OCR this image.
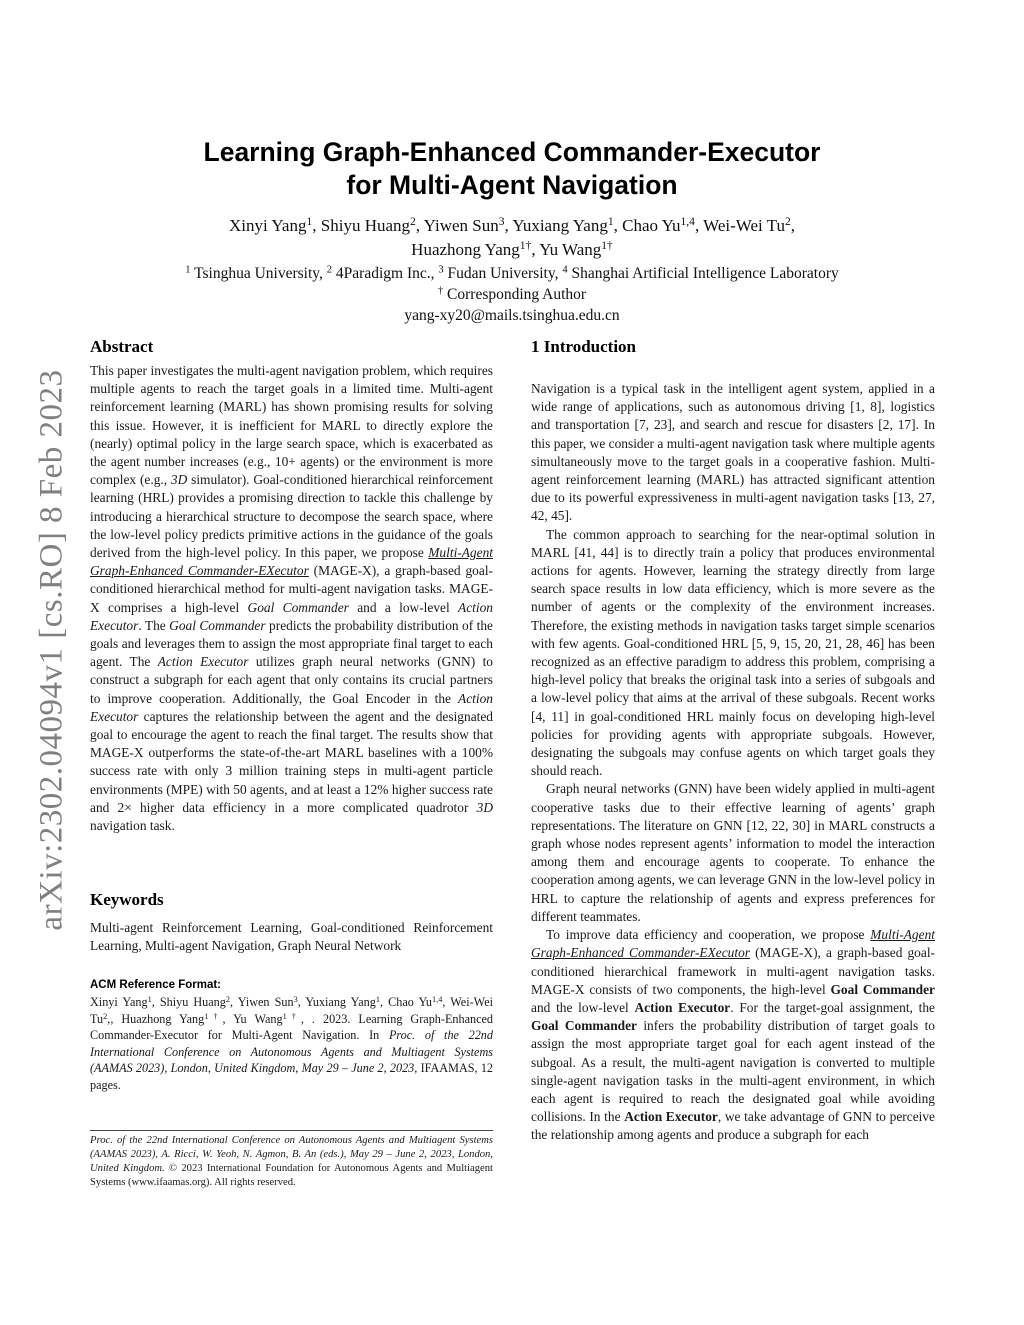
arXiv:2302.04094v1 [cs.RO] 8 Feb 2023
Learning Graph-Enhanced Commander-Executor
for Multi-Agent Navigation
Xinyi Yang$^1$, Shiyu Huang$^2$, Yiwen Sun$^3$, Yuxiang Yang$^1$, Chao Yu$^{1,4}$, Wei-Wei Tu$^2$,
Huazhong Yang$^{1\dagger}$, Yu Wang$^{1\dagger}$
$^1$ Tsinghua University, $^2$ 4Paradigm Inc., $^3$ Fudan University, $^4$ Shanghai Artificial Intelligence Laboratory
† Corresponding Author
yang-xy20@mails.tsinghua.edu.cn
Abstract

This paper investigates the multi-agent navigation problem, which requires multiple agents to reach the target goals in a limited time. Multi-agent reinforcement learning (MARL) has shown promising results for solving this issue. However, it is inefficient for MARL to directly explore the (nearly) optimal policy in the large search space, which is exacerbated as the agent number increases (e.g., 10+ agents) or the environment is more complex (e.g., 3D simulator). Goal-conditioned hierarchical reinforcement learning (HRL) provides a promising direction to tackle this challenge by introducing a hierarchical structure to decompose the search space, where the low-level policy predicts primitive actions in the guidance of the goals derived from the high-level policy. In this paper, we propose Multi-Agent Graph-Enhanced Commander-EXecutor (MAGE-X), a graph-based goal-conditioned hierarchical method for multi-agent navigation tasks. MAGE-X comprises a high-level Goal Commander and a low-level Action Executor. The Goal Commander predicts the probability distribution of the goals and leverages them to assign the most appropriate final target to each agent. The Action Executor utilizes graph neural networks (GNN) to construct a subgraph for each agent that only contains its crucial partners to improve cooperation. Additionally, the Goal Encoder in the Action Executor captures the relationship between the agent and the designated goal to encourage the agent to reach the final target. The results show that MAGE-X outperforms the state-of-the-art MARL baselines with a 100% success rate with only 3 million training steps in multi-agent particle environments (MPE) with 50 agents, and at least a 12% higher success rate and 2× higher data efficiency in a more complicated quadrotor 3D navigation task.

Keywords
Multi-agent Reinforcement Learning, Goal-conditioned Reinforcement Learning, Multi-agent Navigation, Graph Neural Network
ACM Reference Format:
Xinyi Yang$^1$, Shiyu Huang$^2$, Yiwen Sun$^3$, Yuxiang Yang$^1$, Chao Yu$^{1,4}$, Wei-Wei Tu$^2$,, Huazhong Yang$^{1\dagger}$, Yu Wang$^{1\dagger}$, . 2023. Learning Graph-Enhanced Commander-Executor for Multi-Agent Navigation. In Proc. of the 22nd International Conference on Autonomous Agents and Multiagent Systems (AAMAS 2023), London, United Kingdom, May 29 – June 2, 2023, IFAAMAS, 12 pages.
Proc. of the 22nd International Conference on Autonomous Agents and Multiagent Systems (AAMAS 2023), A. Ricci, W. Yeoh, N. Agmon, B. An (eds.), May 29 – June 2, 2023, London, United Kingdom. © 2023 International Foundation for Autonomous Agents and Multiagent Systems (www.ifaamas.org). All rights reserved.
1 Introduction

Navigation is a typical task in the intelligent agent system, applied in a wide range of applications, such as autonomous driving [1, 8], logistics and transportation [7, 23], and search and rescue for disasters [2, 17]. In this paper, we consider a multi-agent navigation task where multiple agents simultaneously move to the target goals in a cooperative fashion. Multi-agent reinforcement learning (MARL) has attracted significant attention due to its powerful expressiveness in multi-agent navigation tasks [13, 27, 42, 45].

The common approach to searching for the near-optimal solution in MARL [41, 44] is to directly train a policy that produces environmental actions for agents. However, learning the strategy directly from large search space results in low data efficiency, which is more severe as the number of agents or the complexity of the environment increases. Therefore, the existing methods in navigation tasks target simple scenarios with few agents. Goal-conditioned HRL [5, 9, 15, 20, 21, 28, 46] has been recognized as an effective paradigm to address this problem, comprising a high-level policy that breaks the original task into a series of subgoals and a low-level policy that aims at the arrival of these subgoals. Recent works [4, 11] in goal-conditioned HRL mainly focus on developing high-level policies for providing agents with appropriate subgoals. However, designating the subgoals may confuse agents on which target goals they should reach.

Graph neural networks (GNN) have been widely applied in multi-agent cooperative tasks due to their effective learning of agents’ graph representations. The literature on GNN [12, 22, 30] in MARL constructs a graph whose nodes represent agents’ information to model the interaction among them and encourage agents to cooperate. To enhance the cooperation among agents, we can leverage GNN in the low-level policy in HRL to capture the relationship of agents and express preferences for different teammates.

To improve data efficiency and cooperation, we propose Multi-Agent Graph-Enhanced Commander-EXecutor (MAGE-X), a graph-based goal-conditioned hierarchical framework in multi-agent navigation tasks. MAGE-X consists of two components, the high-level Goal Commander and the low-level Action Executor. For the target-goal assignment, the Goal Commander infers the probability distribution of target goals to assign the most appropriate target goal for each agent instead of the subgoal. As a result, the multi-agent navigation is converted to multiple single-agent navigation tasks in the multi-agent environment, in which each agent is required to reach the designated goal while avoiding collisions. In the Action Executor, we take advantage of GNN to perceive the relationship among agents and produce a subgraph for each
